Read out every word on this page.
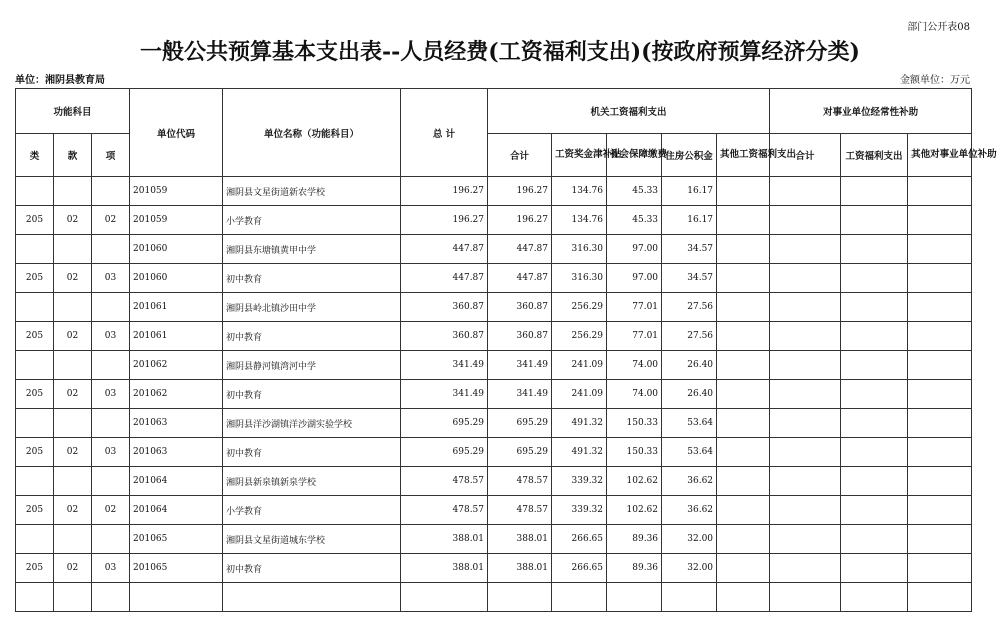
部门公开表08
一般公共预算基本支出表--人员经费(工资福利支出)(按政府预算经济分类)
单位：湘阴县教育局	金额单位：万元
功能科目			单位代码	单位名称（功能科目）	总 计	机关工资福利支出					对事业单位经常性补助		
类	款	项				合计	工资奖金津补贴	社会保障缴费	住房公积金	其他工资福利支出	合计	工资福利支出	其他对事业单位补助
			201059	湘阴县文星街道新农学校	196.27	196.27	134.76	45.33	16.17				
205	02	02	201059	小学教育	196.27	196.27	134.76	45.33	16.17				
			201060	湘阴县东塘镇黄甲中学	447.87	447.87	316.30	97.00	34.57				
205	02	03	201060	初中教育	447.87	447.87	316.30	97.00	34.57				
			201061	湘阴县岭北镇沙田中学	360.87	360.87	256.29	77.01	27.56				
205	02	03	201061	初中教育	360.87	360.87	256.29	77.01	27.56				
			201062	湘阴县静河镇湾河中学	341.49	341.49	241.09	74.00	26.40				
205	02	03	201062	初中教育	341.49	341.49	241.09	74.00	26.40				
			201063	湘阴县洋沙湖镇洋沙湖实验学校	695.29	695.29	491.32	150.33	53.64				
205	02	03	201063	初中教育	695.29	695.29	491.32	150.33	53.64				
			201064	湘阴县新泉镇新泉学校	478.57	478.57	339.32	102.62	36.62				
205	02	02	201064	小学教育	478.57	478.57	339.32	102.62	36.62				
			201065	湘阴县文星街道城东学校	388.01	388.01	266.65	89.36	32.00				
205	02	03	201065	初中教育	388.01	388.01	266.65	89.36	32.00				
